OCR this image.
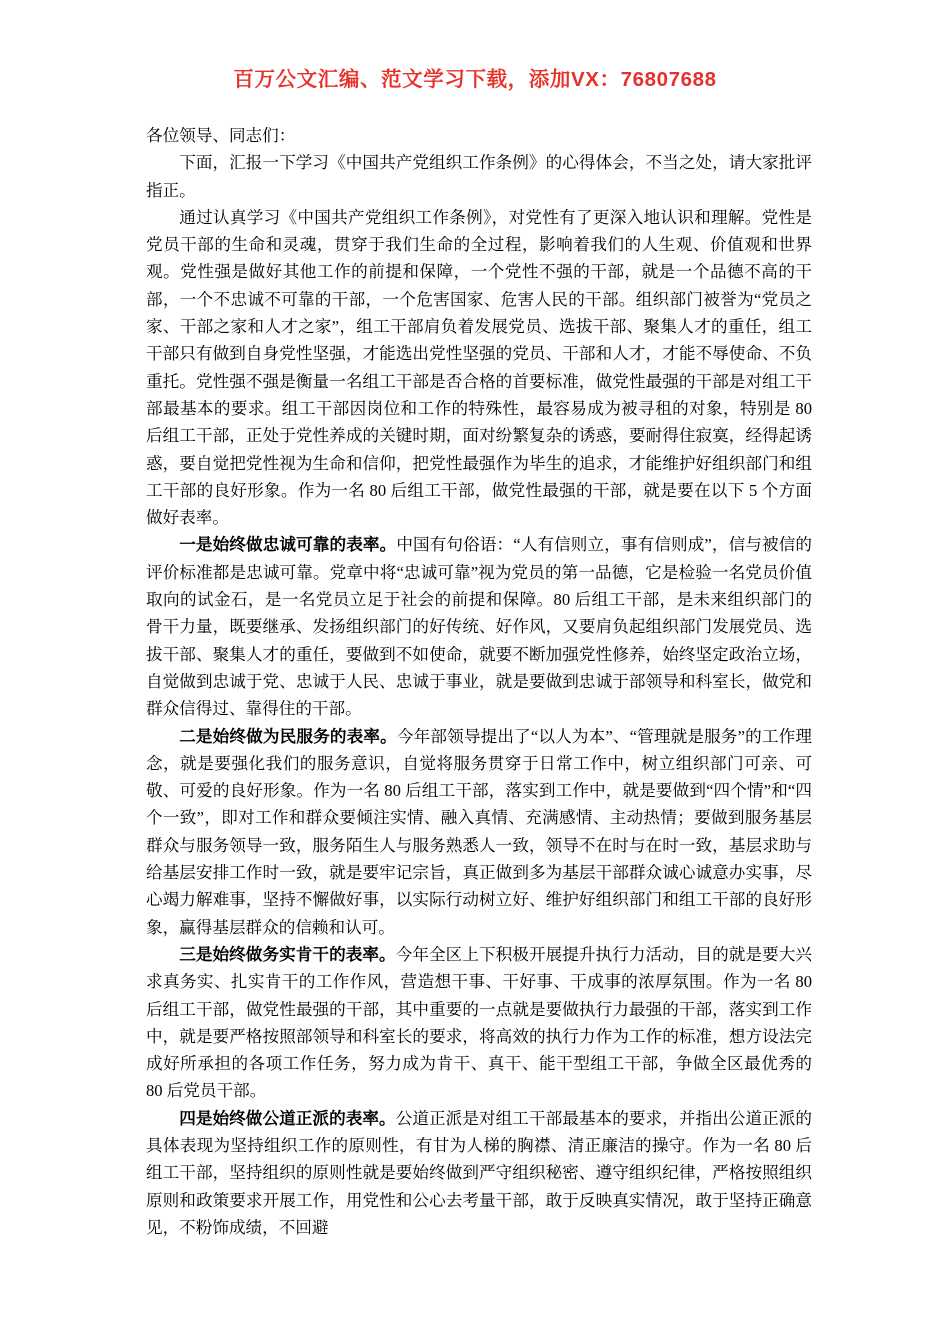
百万公文汇编、范文学习下载，添加VX：76807688

各位领导、同志们：

下面，汇报一下学习《中国共产党组织工作条例》的心得体会，不当之处，请大家批评指正。

通过认真学习《中国共产党组织工作条例》，对党性有了更深入地认识和理解。党性是党员干部的生命和灵魂，贯穿于我们生命的全过程，影响着我们的人生观、价值观和世界观。党性强是做好其他工作的前提和保障，一个党性不强的干部，就是一个品德不高的干部，一个不忠诚不可靠的干部，一个危害国家、危害人民的干部。组织部门被誉为“党员之家、干部之家和人才之家”，组工干部肩负着发展党员、选拔干部、聚集人才的重任，组工干部只有做到自身党性坚强，才能选出党性坚强的党员、干部和人才，才能不辱使命、不负重托。党性强不强是衡量一名组工干部是否合格的首要标准，做党性最强的干部是对组工干部最基本的要求。组工干部因岗位和工作的特殊性，最容易成为被寻租的对象，特别是 80 后组工干部，正处于党性养成的关键时期，面对纷繁复杂的诱惑，要耐得住寂寞，经得起诱惑，要自觉把党性视为生命和信仰，把党性最强作为毕生的追求，才能维护好组织部门和组工干部的良好形象。作为一名 80 后组工干部，做党性最强的干部，就是要在以下 5 个方面做好表率。

一是始终做忠诚可靠的表率。中国有句俗语：“人有信则立，事有信则成”，信与被信的评价标准都是忠诚可靠。党章中将“忠诚可靠”视为党员的第一品德，它是检验一名党员价值取向的试金石，是一名党员立足于社会的前提和保障。80 后组工干部，是未来组织部门的骨干力量，既要继承、发扬组织部门的好传统、好作风，又要肩负起组织部门发展党员、选拔干部、聚集人才的重任，要做到不如使命，就要不断加强党性修养，始终坚定政治立场，自觉做到忠诚于党、忠诚于人民、忠诚于事业，就是要做到忠诚于部领导和科室长，做党和群众信得过、靠得住的干部。

二是始终做为民服务的表率。今年部领导提出了“以人为本”、“管理就是服务”的工作理念，就是要强化我们的服务意识，自觉将服务贯穿于日常工作中，树立组织部门可亲、可敬、可爱的良好形象。作为一名 80 后组工干部，落实到工作中，就是要做到“四个情”和“四个一致”，即对工作和群众要倾注实情、融入真情、充满感情、主动热情；要做到服务基层群众与服务领导一致，服务陌生人与服务熟悉人一致，领导不在时与在时一致，基层求助与给基层安排工作时一致，就是要牢记宗旨，真正做到多为基层干部群众诚心诚意办实事，尽心竭力解难事，坚持不懈做好事，以实际行动树立好、维护好组织部门和组工干部的良好形象，赢得基层群众的信赖和认可。

三是始终做务实肯干的表率。今年全区上下积极开展提升执行力活动，目的就是要大兴求真务实、扎实肯干的工作作风，营造想干事、干好事、干成事的浓厚氛围。作为一名 80 后组工干部，做党性最强的干部，其中重要的一点就是要做执行力最强的干部，落实到工作中，就是要严格按照部领导和科室长的要求，将高效的执行力作为工作的标准，想方设法完成好所承担的各项工作任务，努力成为肯干、真干、能干型组工干部，争做全区最优秀的 80 后党员干部。

四是始终做公道正派的表率。公道正派是对组工干部最基本的要求，并指出公道正派的具体表现为坚持组织工作的原则性，有甘为人梯的胸襟、清正廉洁的操守。作为一名 80 后组工干部，坚持组织的原则性就是要始终做到严守组织秘密、遵守组织纪律，严格按照组织原则和政策要求开展工作，用党性和公心去考量干部，敢于反映真实情况，敢于坚持正确意见，不粉饰成绩，不回避
